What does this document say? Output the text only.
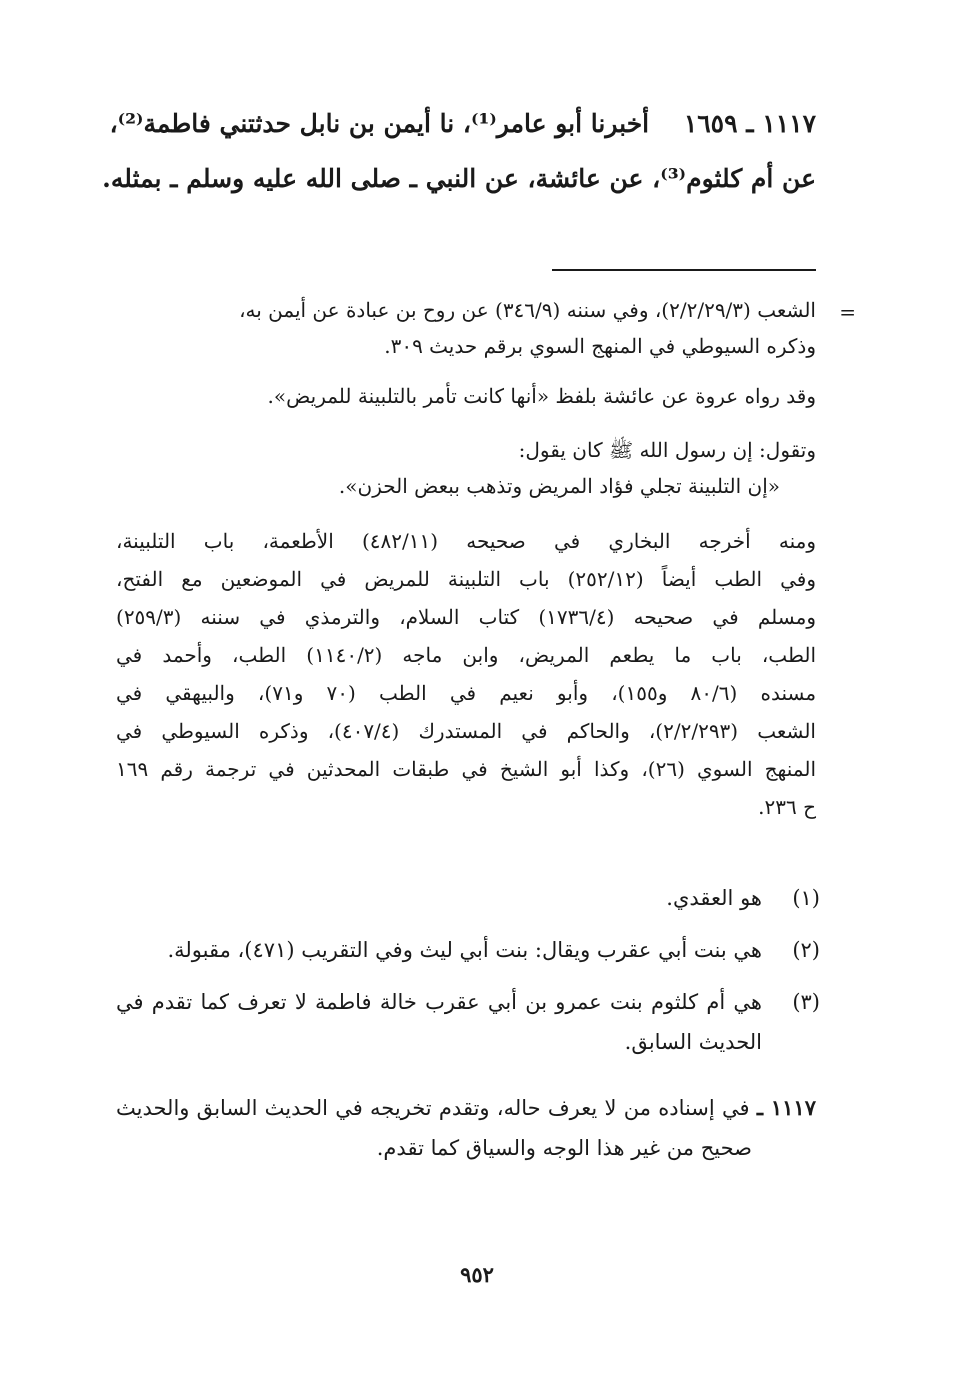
١١١٧ ـ ١٦٥٩ أخبرنا أبو عامر⁽¹⁾، نا أيمن بن نابل حدثتني فاطمة⁽²⁾،
عن أم كلثوم⁽³⁾، عن عائشة، عن النبي ـ صلى الله عليه وسلم ـ بمثله.
=
الشعب (٢/٢/٢٩/٣)، وفي سننه (٣٤٦/٩) عن روح بن عبادة عن أيمن به،
وذكره السيوطي في المنهج السوي برقم حديث ٣٠٩.
وقد رواه عروة عن عائشة بلفظ «أنها كانت تأمر بالتلبينة للمريض».
وتقول: إن رسول الله ﷺ كان يقول:
«إن التلبينة تجلي فؤاد المريض وتذهب ببعض الحزن».
ومنه أخرجه البخاري في صحيحه (٤٨٢/١١) الأطعمة، باب التلبينة،
وفي الطب أيضاً (٢٥٢/١٢) باب التلبينة للمريض في الموضعين مع الفتح،
ومسلم في صحيحه (١٧٣٦/٤) كتاب السلام، والترمذي في سننه (٢٥٩/٣)
الطب، باب ما يطعم المريض، وابن ماجه (١١٤٠/٢) الطب، وأحمد في
مسنده (٨٠/٦ و١٥٥)، وأبو نعيم في الطب (٧٠ و٧١)، والبيهقي في
الشعب (٢/٢/٢٩٣)، والحاكم في المستدرك (٤٠٧/٤)، وذكره السيوطي في
المنهج السوي (٢٦)، وكذا أبو الشيخ في طبقات المحدثين في ترجمة رقم ١٦٩
ح ٢٣٦.
(١)
هو العقدي.
(٢)
هي بنت أبي عقرب ويقال: بنت أبي ليث وفي التقريب (٤٧١)، مقبولة.
(٣)
هي أم كلثوم بنت عمرو بن أبي عقرب خالة فاطمة لا تعرف كما تقدم في
الحديث السابق.
١١١٧ ـ في إسناده من لا يعرف حاله، وتقدم تخريجه في الحديث السابق والحديث
صحيح من غير هذا الوجه والسياق كما تقدم.
٩٥٢
